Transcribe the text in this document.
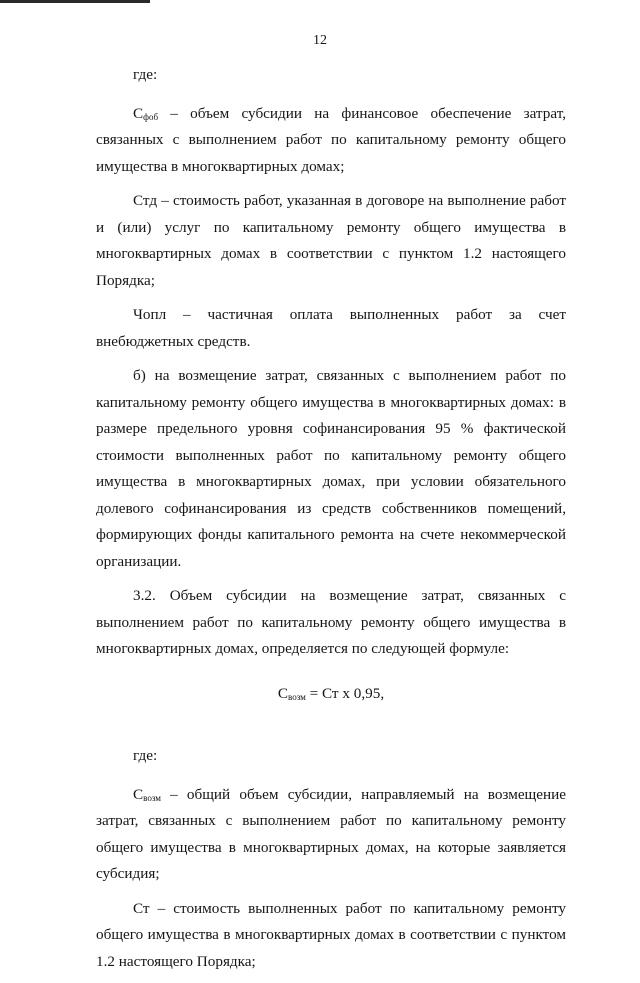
12

где:

$С_{фоб}$ – объем субсидии на финансовое обеспечение затрат, связанных с выполнением работ по капитальному ремонту общего имущества в многоквартирных домах;

Стд – стоимость работ, указанная в договоре на выполнение работ и (или) услуг по капитальному ремонту общего имущества в многоквартирных домах в соответствии с пунктом 1.2 настоящего Порядка;

Чопл – частичная оплата выполненных работ за счет внебюджетных средств.

б) на возмещение затрат, связанных с выполнением работ по капитальному ремонту общего имущества в многоквартирных домах: в размере предельного уровня софинансирования 95 % фактической стоимости выполненных работ по капитальному ремонту общего имущества в многоквартирных домах, при условии обязательного долевого софинансирования из средств собственников помещений, формирующих фонды капитального ремонта на счете некоммерческой организации.

3.2. Объем субсидии на возмещение затрат, связанных с выполнением работ по капитальному ремонту общего имущества в многоквартирных домах, определяется по следующей формуле:

$С_{возм}$ = Ст х 0,95,

где:

$С_{возм}$ – общий объем субсидии, направляемый на возмещение затрат, связанных с выполнением работ по капитальному ремонту общего имущества в многоквартирных домах, на которые заявляется субсидия;

Ст – стоимость выполненных работ по капитальному ремонту общего имущества в многоквартирных домах в соответствии с пунктом 1.2 настоящего Порядка;
